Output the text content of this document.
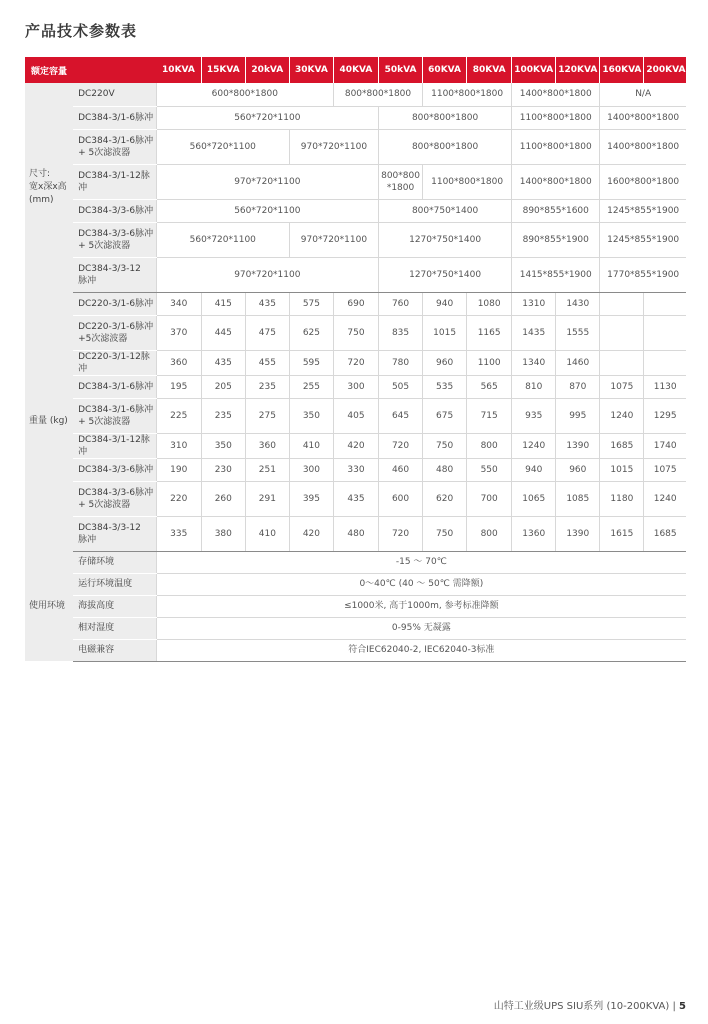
产品技术参数表
额定容量		10KVA	15KVA	20kVA	30KVA	40KVA	50kVA	60KVA	80KVA	100KVA	120KVA	160KVA	200KVA
尺寸:
宽x深x高
(mm)	DC220V	600*800*1800				800*800*1800		1100*800*1800		1400*800*1800		N/A	
	DC384-3/1-6脉冲	560*720*1100					800*800*1800			1100*800*1800		1400*800*1800	
	DC384-3/1-6脉冲
+ 5次滤波器	560*720*1100			970*720*1100		800*800*1800			1100*800*1800		1400*800*1800	
	DC384-3/1-12脉冲	970*720*1100					800*800
*1800	1100*800*1800		1400*800*1800		1600*800*1800	
	DC384-3/3-6脉冲	560*720*1100					800*750*1400			890*855*1600		1245*855*1900	
	DC384-3/3-6脉冲
+ 5次滤波器	560*720*1100			970*720*1100		1270*750*1400			890*855*1900		1245*855*1900	
	DC384-3/3-12
脉冲	970*720*1100					1270*750*1400			1415*855*1900		1770*855*1900	
重量 (kg)	DC220-3/1-6脉冲	340	415	435	575	690	760	940	1080	1310	1430		
	DC220-3/1-6脉冲
+5次滤波器	370	445	475	625	750	835	1015	1165	1435	1555		
	DC220-3/1-12脉冲	360	435	455	595	720	780	960	1100	1340	1460		
	DC384-3/1-6脉冲	195	205	235	255	300	505	535	565	810	870	1075	1130
	DC384-3/1-6脉冲
+ 5次滤波器	225	235	275	350	405	645	675	715	935	995	1240	1295
	DC384-3/1-12脉冲	310	350	360	410	420	720	750	800	1240	1390	1685	1740
	DC384-3/3-6脉冲	190	230	251	300	330	460	480	550	940	960	1015	1075
	DC384-3/3-6脉冲
+ 5次滤波器	220	260	291	395	435	600	620	700	1065	1085	1180	1240
	DC384-3/3-12
脉冲	335	380	410	420	480	720	750	800	1360	1390	1615	1685
使用环境	存储环境	-15 ～ 70℃											
	运行环境温度	0～40℃ (40 ～ 50℃ 需降额)											
	海拔高度	≤1000米, 高于1000m, 参考标准降额											
	相对湿度	0-95% 无凝露											
	电磁兼容	符合IEC62040-2, IEC62040-3标准											
山特工业级UPS SIU系列 (10-200KVA) | 5
